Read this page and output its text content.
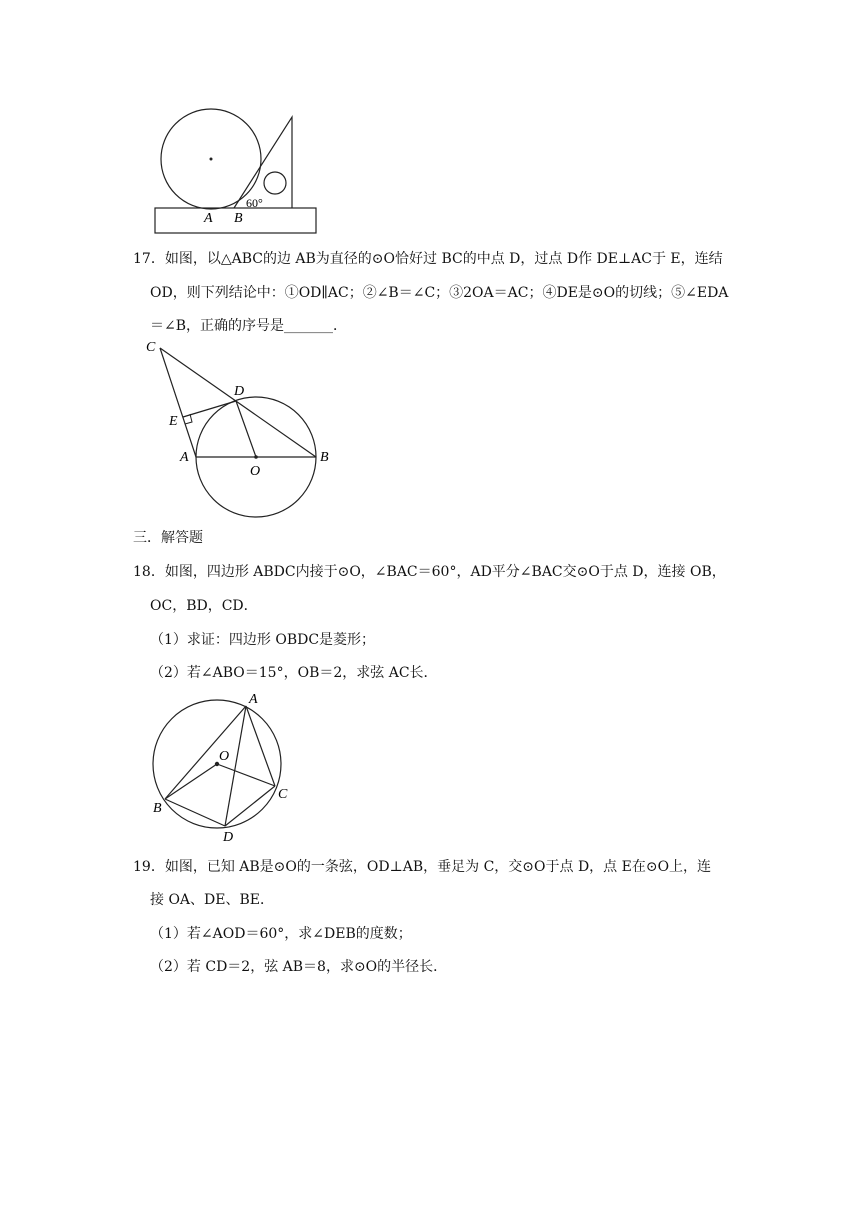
60°
A B
17．如图，以△ABC的边 AB为直径的⊙O恰好过 BC的中点 D，过点 D作 DE⊥AC于 E，连结
OD，则下列结论中：①OD∥AC；②∠B＝∠C；③2OA＝AC；④DE是⊙O的切线；⑤∠EDA
＝∠B，正确的序号是_______．
C
D
E
A
O
B
三．解答题
18．如图，四边形 ABDC内接于⊙O，∠BAC＝60°，AD平分∠BAC交⊙O于点 D，连接 OB，
OC，BD，CD．
（1）求证：四边形 OBDC是菱形；
（2）若∠ABO＝15°，OB＝2，求弦 AC长．
A
O
B
C
D
19．如图，已知 AB是⊙O的一条弦，OD⊥AB，垂足为 C，交⊙O于点 D，点 E在⊙O上，连
接 OA、DE、BE．
（1）若∠AOD＝60°，求∠DEB的度数；
（2）若 CD＝2，弦 AB＝8，求⊙O的半径长．
